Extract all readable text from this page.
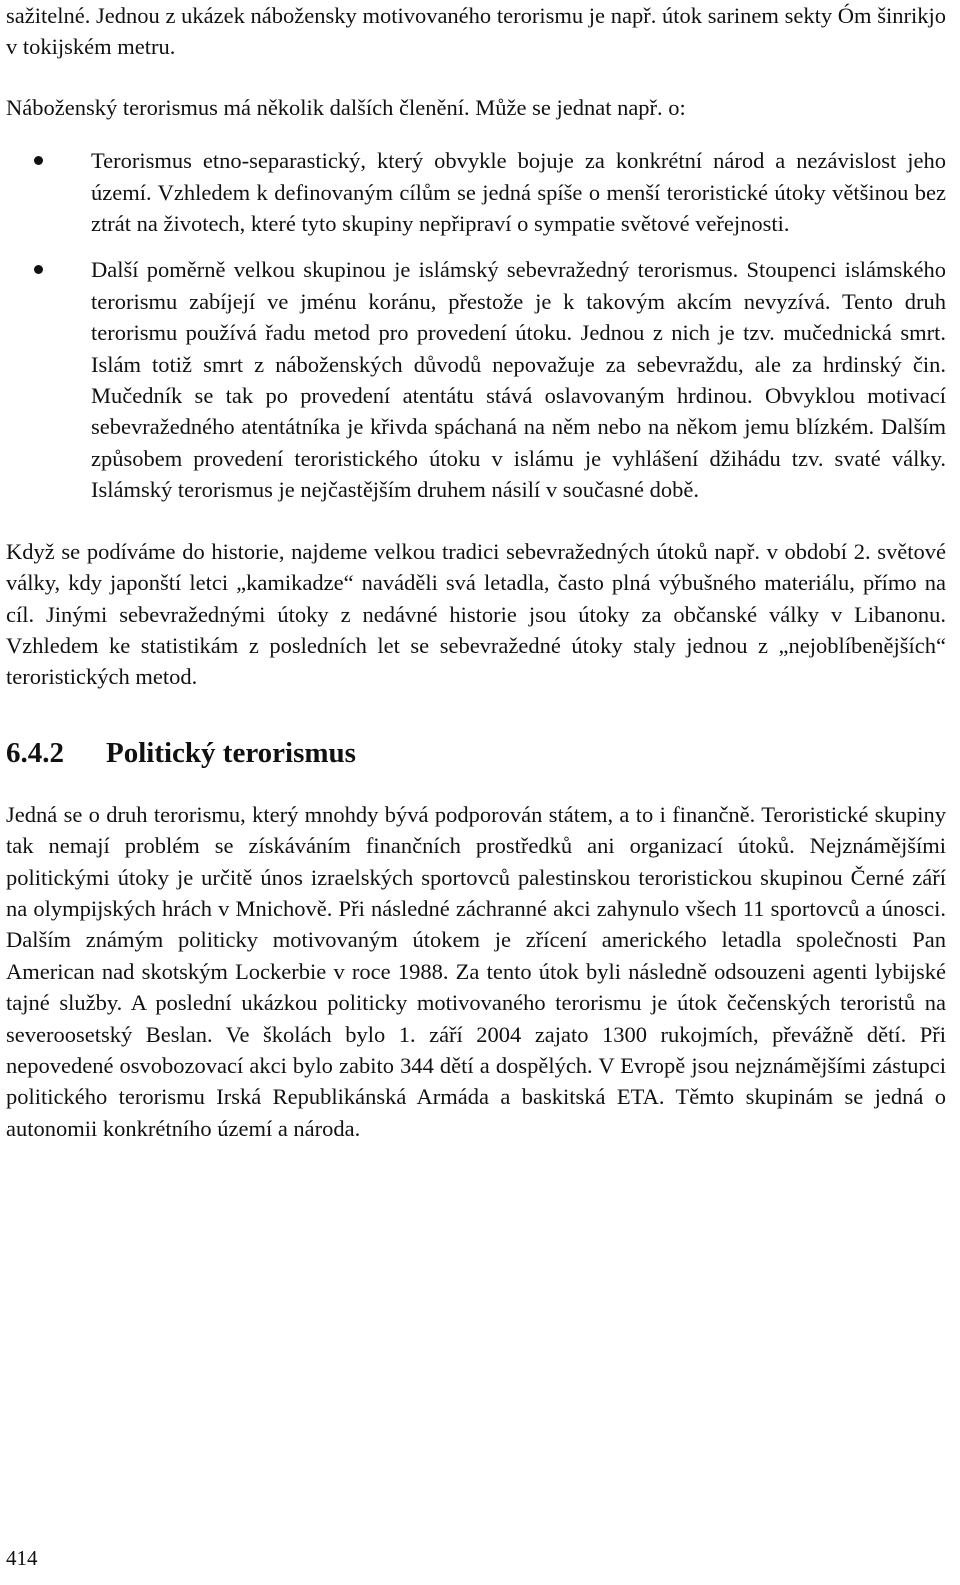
sažitelné. Jednou z ukázek nábožensky motivovaného terorismu je např. útok sarinem sekty Óm šinrikjo v tokijském metru.

Náboženský terorismus má několik dalších členění. Může se jednat např. o:

Terorismus etno-separastický, který obvykle bojuje za konkrétní národ a nezávislost jeho území. Vzhledem k definovaným cílům se jedná spíše o menší teroristické útoky většinou bez ztrát na životech, které tyto skupiny nepřipraví o sympatie světové veřejnosti.
Další poměrně velkou skupinou je islámský sebevražedný terorismus. Stoupenci islámského terorismu zabíjejí ve jménu koránu, přestože je k takovým akcím nevyzívá. Tento druh terorismu používá řadu metod pro provedení útoku. Jednou z nich je tzv. mučednická smrt. Islám totiž smrt z náboženských důvodů nepovažuje za sebevraždu, ale za hrdinský čin. Mučedník se tak po provedení atentátu stává oslavovaným hrdinou. Obvyklou motivací sebevražedného atentátníka je křivda spáchaná na něm nebo na někom jemu blízkém. Dalším způsobem provedení teroristického útoku v islámu je vyhlášení džihádu tzv. svaté války. Islámský terorismus je nejčastějším druhem násilí v současné době.

Když se podíváme do historie, najdeme velkou tradici sebevražedných útoků např. v období 2. světové války, kdy japonští letci „kamikadze“ naváděli svá letadla, často plná výbušného materiálu, přímo na cíl. Jinými sebevražednými útoky z nedávné historie jsou útoky za občanské války v Libanonu. Vzhledem ke statistikám z posledních let se sebevražedné útoky staly jednou z „nejoblíbenějších“ teroristických metod.

6.4.2	Politický terorismus

Jedná se o druh terorismu, který mnohdy bývá podporován státem, a to i finančně. Teroristické skupiny tak nemají problém se získáváním finančních prostředků ani organizací útoků. Nejznámějšími politickými útoky je určitě únos izraelských sportovců palestinskou teroristickou skupinou Černé září na olympijských hrách v Mnichově. Při následné záchranné akci zahynulo všech 11 sportovců a únosci. Dalším známým politicky motivovaným útokem je zřícení amerického letadla společnosti Pan American nad skotským Lockerbie v roce 1988. Za tento útok byli následně odsouzeni agenti lybijské tajné služby. A poslední ukázkou politicky motivovaného terorismu je útok čečenských teroristů na severoosetský Beslan. Ve školách bylo 1. září 2004 zajato 1300 rukojmích, převážně dětí. Při nepovedené osvobozovací akci bylo zabito 344 dětí a dospělých. V Evropě jsou nejznámějšími zástupci politického terorismu Irská Republikánská Armáda a baskitská ETA. Těmto skupinám se jedná o autonomii konkrétního území a národa.

414
